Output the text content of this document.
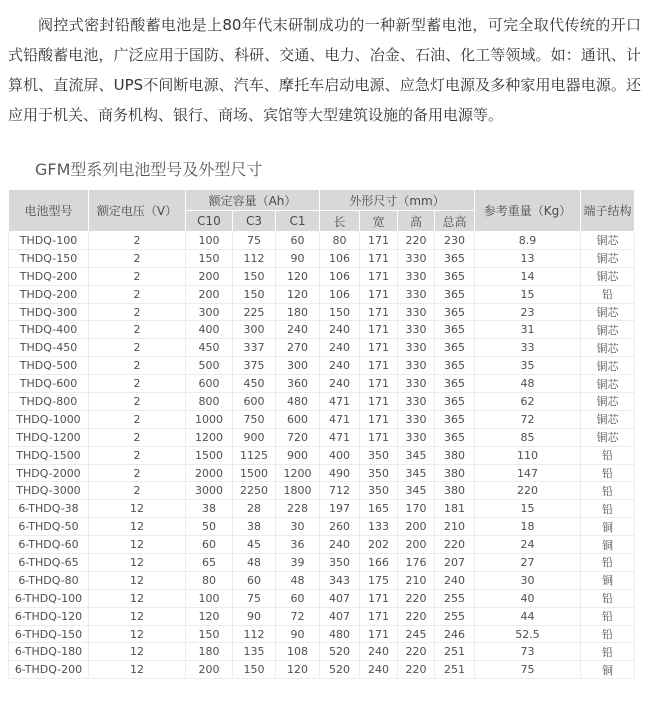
阀控式密封铅酸蓄电池是上80年代末研制成功的一种新型蓄电池，可完全取代传统的开口式铅酸蓄电池，广泛应用于国防、科研、交通、电力、冶金、石油、化工等领域。如：通讯、计算机、直流屏、UPS不间断电源、汽车、摩托车启动电源、应急灯电源及多种家用电器电源。还应用于机关、商务机构、银行、商场、宾馆等大型建筑设施的备用电源等。

GFM型系列电池型号及外型尺寸
电池型号	额定电压（V）	额定容量（Ah）			外形尺寸（mm）				参考重量（Kg）	端子结构
		C10	C3	C1	长	宽	高	总高		
THDQ-100	2	100	75	60	80	171	220	230	8.9	铜芯
THDQ-150	2	150	112	90	106	171	330	365	13	铜芯
THDQ-200	2	200	150	120	106	171	330	365	14	铜芯
THDQ-200	2	200	150	120	106	171	330	365	15	铅
THDQ-300	2	300	225	180	150	171	330	365	23	铜芯
THDQ-400	2	400	300	240	240	171	330	365	31	铜芯
THDQ-450	2	450	337	270	240	171	330	365	33	铜芯
THDQ-500	2	500	375	300	240	171	330	365	35	铜芯
THDQ-600	2	600	450	360	240	171	330	365	48	铜芯
THDQ-800	2	800	600	480	471	171	330	365	62	铜芯
THDQ-1000	2	1000	750	600	471	171	330	365	72	铜芯
THDQ-1200	2	1200	900	720	471	171	330	365	85	铜芯
THDQ-1500	2	1500	1125	900	400	350	345	380	110	铅
THDQ-2000	2	2000	1500	1200	490	350	345	380	147	铅
THDQ-3000	2	3000	2250	1800	712	350	345	380	220	铅
6-THDQ-38	12	38	28	228	197	165	170	181	15	铅
6-THDQ-50	12	50	38	30	260	133	200	210	18	铜
6-THDQ-60	12	60	45	36	240	202	200	220	24	铜
6-THDQ-65	12	65	48	39	350	166	176	207	27	铅
6-THDQ-80	12	80	60	48	343	175	210	240	30	铜
6-THDQ-100	12	100	75	60	407	171	220	255	40	铅
6-THDQ-120	12	120	90	72	407	171	220	255	44	铅
6-THDQ-150	12	150	112	90	480	171	245	246	52.5	铅
6-THDQ-180	12	180	135	108	520	240	220	251	73	铅
6-THDQ-200	12	200	150	120	520	240	220	251	75	铜
